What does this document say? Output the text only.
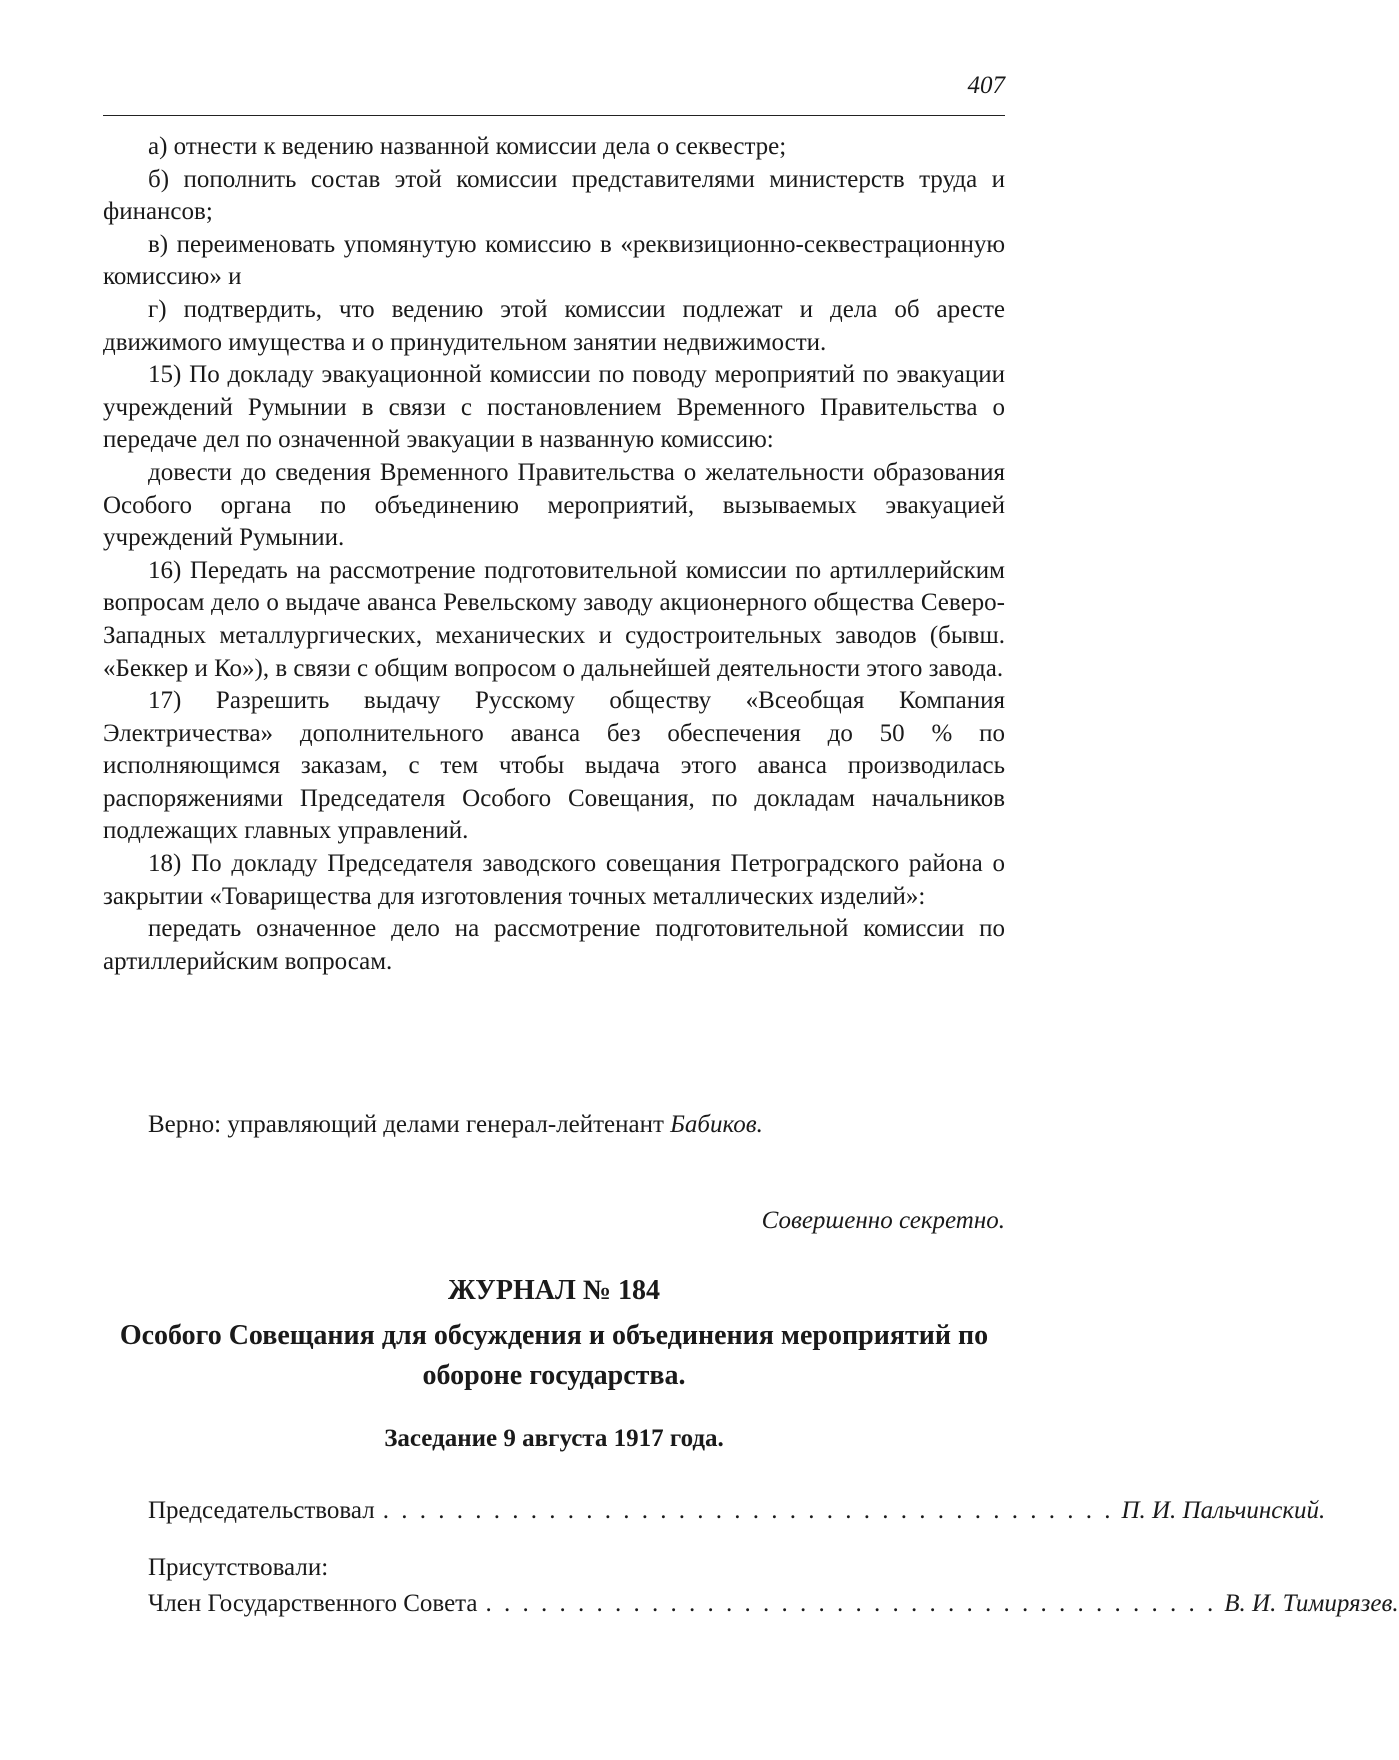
407

а) отнести к ведению названной комиссии дела о секвестре;

б) пополнить состав этой комиссии представителями министерств труда и финансов;

в) переименовать упомянутую комиссию в «реквизиционно-секвестрационную комиссию» и

г) подтвердить, что ведению этой комиссии подлежат и дела об аресте движимого имущества и о принудительном занятии недвижимости.

15) По докладу эвакуационной комиссии по поводу мероприятий по эвакуации учреждений Румынии в связи с постановлением Временного Правительства о передаче дел по означенной эвакуации в названную комиссию:

довести до сведения Временного Правительства о желательности образования Особого органа по объединению мероприятий, вызываемых эвакуацией учреждений Румынии.

16) Передать на рассмотрение подготовительной комиссии по артиллерийским вопросам дело о выдаче аванса Ревельскому заводу акционерного общества Северо-Западных металлургических, механических и судостроительных заводов (бывш. «Беккер и Ко»), в связи с общим вопросом о дальнейшей деятельности этого завода.

17) Разрешить выдачу Русскому обществу «Всеобщая Компания Электричества» дополнительного аванса без обеспечения до 50 % по исполняющимся заказам, с тем чтобы выдача этого аванса производилась распоряжениями Председателя Особого Совещания, по докладам начальников подлежащих главных управлений.

18) По докладу Председателя заводского совещания Петроградского района о закрытии «Товарищества для изготовления точных металлических изделий»:

передать означенное дело на рассмотрение подготовительной комиссии по артиллерийским вопросам.

Верно: управляющий делами генерал-лейтенант Бабиков.
Совершенно секретно.
ЖУРНАЛ № 184
Особого Совещания для обсуждения и объединения мероприятий по обороне государства.
Заседание 9 августа 1917 года.
Председательствовал . . . . . . . . . . . . . . . . . . . . . . . . . . . . . . . . . . . . . . . . П. И. Пальчинский.
Присутствовали:
Член Государственного Совета . . . . . . . . . . . . . . . . . . . . . . . . . . . . . . . . . . . . . . . . В. И. Тимирязев.
